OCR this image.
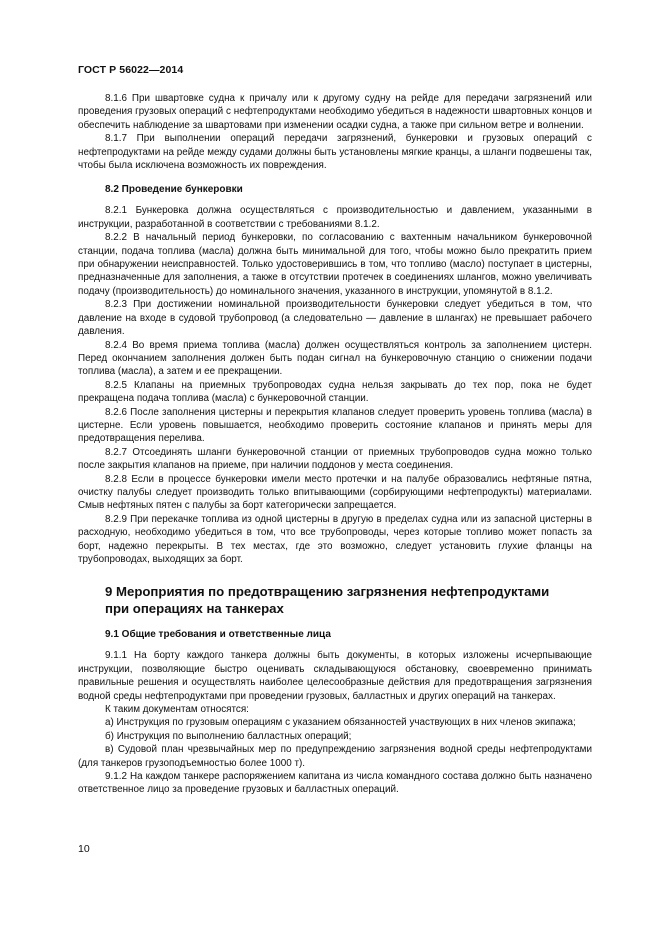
ГОСТ Р 56022—2014

8.1.6 При швартовке судна к причалу или к другому судну на рейде для передачи загрязнений или проведения грузовых операций с нефтепродуктами необходимо убедиться в надежности швартовных концов и обеспечить наблюдение за швартовами при изменении осадки судна, а также при сильном ветре и волнении.

8.1.7 При выполнении операций передачи загрязнений, бункеровки и грузовых операций с нефтепродуктами на рейде между судами должны быть установлены мягкие кранцы, а шланги подвешены так, чтобы была исключена возможность их повреждения.

8.2 Проведение бункеровки

8.2.1 Бункеровка должна осуществляться с производительностью и давлением, указанными в инструкции, разработанной в соответствии с требованиями 8.1.2.

8.2.2 В начальный период бункеровки, по согласованию с вахтенным начальником бункеровочной станции, подача топлива (масла) должна быть минимальной для того, чтобы можно было прекратить прием при обнаружении неисправностей. Только удостоверившись в том, что топливо (масло) поступает в цистерны, предназначенные для заполнения, а также в отсутствии протечек в соединениях шлангов, можно увеличивать подачу (производительность) до номинального значения, указанного в инструкции, упомянутой в 8.1.2.

8.2.3 При достижении номинальной производительности бункеровки следует убедиться в том, что давление на входе в судовой трубопровод (а следовательно — давление в шлангах) не превышает рабочего давления.

8.2.4 Во время приема топлива (масла) должен осуществляться контроль за заполнением цистерн. Перед окончанием заполнения должен быть подан сигнал на бункеровочную станцию о снижении подачи топлива (масла), а затем и ее прекращении.

8.2.5 Клапаны на приемных трубопроводах судна нельзя закрывать до тех пор, пока не будет прекращена подача топлива (масла) с бункеровочной станции.

8.2.6 После заполнения цистерны и перекрытия клапанов следует проверить уровень топлива (масла) в цистерне. Если уровень повышается, необходимо проверить состояние клапанов и принять меры для предотвращения перелива.

8.2.7 Отсоединять шланги бункеровочной станции от приемных трубопроводов судна можно только после закрытия клапанов на приеме, при наличии поддонов у места соединения.

8.2.8 Если в процессе бункеровки имели место протечки и на палубе образовались нефтяные пятна, очистку палубы следует производить только впитывающими (сорбирующими нефтепродукты) материалами. Смыв нефтяных пятен с палубы за борт категорически запрещается.

8.2.9 При перекачке топлива из одной цистерны в другую в пределах судна или из запасной цистерны в расходную, необходимо убедиться в том, что все трубопроводы, через которые топливо может попасть за борт, надежно перекрыты. В тех местах, где это возможно, следует установить глухие фланцы на трубопроводах, выходящих за борт.

9 Мероприятия по предотвращению загрязнения нефтепродуктами
при операциях на танкерах
9.1 Общие требования и ответственные лица

9.1.1 На борту каждого танкера должны быть документы, в которых изложены исчерпывающие инструкции, позволяющие быстро оценивать складывающуюся обстановку, своевременно принимать правильные решения и осуществлять наиболее целесообразные действия для предотвращения загрязнения водной среды нефтепродуктами при проведении грузовых, балластных и других операций на танкерах.

К таким документам относятся:

а) Инструкция по грузовым операциям с указанием обязанностей участвующих в них членов экипажа;

б) Инструкция по выполнению балластных операций;

в) Судовой план чрезвычайных мер по предупреждению загрязнения водной среды нефтепродуктами (для танкеров грузоподъемностью более 1000 т).

9.1.2 На каждом танкере распоряжением капитана из числа командного состава должно быть назначено ответственное лицо за проведение грузовых и балластных операций.

10
